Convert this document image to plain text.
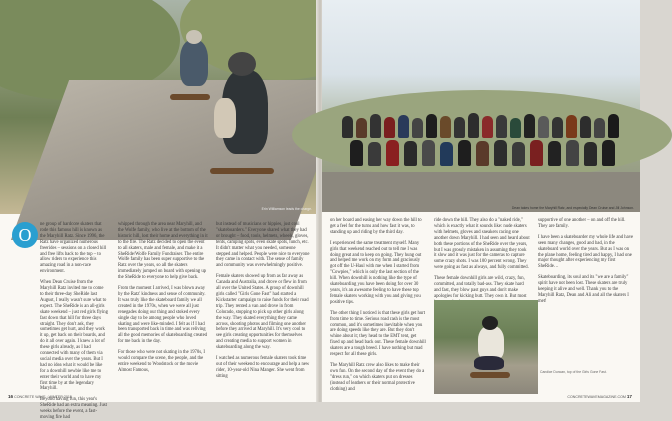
Erin Williamson leads the charge.
O

ne group of hardcore skaters that rode this famous hill is known as the Maryhill Ratz. Since 1996, the Ratz have organized numerous freerides – sessions on a closed hill and free lifts back to the top – to allow riders to experience this amazing road in a non-race environment.

When Dean Cruise from the Maryhill Ratz invited me to come to their three-day SheRide last August, I really wasn't sure what to expect. The SheRide is an all-girls skate weekend – just red girls flying fast down that hill for three days straight. They don't ask, they sometimes get hurt, and they work it up, get back on their boards, and do it all over again. I knew a lot of these girls already, as I had connected with many of them via social media over the years. But I had no idea what it would be like for a downhill newbie like me to enter their world and to have my first time by at the legendary Maryhill.

Beyond having fun, this year's SheRide had an extra meaning. Just weeks before the event, a fast-moving fire had

whipped through the area near Maryhill, and the Wolfe family, who live at the bottom of the historic hill, lost their home and everything in it to the fire. The Ratz decided to open the event to all skaters, male and female, and make it a SheRide/Wolfe Family Fundraiser. The entire Wolfe family has been super supportive to the Ratz over the years, so all the skaters immediately jumped on board with opening up the SheRide to everyone to help give back.

From the moment I arrived, I was blown away by the Ratz' kindness and sense of community. It was truly like the skateboard family we all created in the 1970s, when we were all just renegades doing our thing and stoked every single day to be among people who loved skating and were like-minded. I felt as if I had been transported back in time and was reliving all the good memories of skateboarding created for me back in the day.

For those who were not skating in the 1970s, I would compare the scene, the people, and the entire weekend to Woodstock or the movie Almost Famous,

but instead of musicians or hippies, just cool "skateboarders." Everyone shared what they had or brought – food, tools, helmets, wheels, gloves, tents, camping spots, even skate spots, lunch, etc. It didn't matter what you needed, someone stepped and helped. People were nice to everyone they came in contact with. The sense of family and community was overwhelmingly positive.

Female skaters showed up from as far away as Canada and Australia, and drove or flew in from all over the United States. A group of downhill girls called "Girls Gone Fast" had started a Kickstarter campaign to raise funds for their road trip. They rented a van and drove in from Colorado, stopping to pick up other girls along the way. They skated everything they came across, shooting photos and filming one another before they arrived at Maryhill. It's very cool to see girls creating opportunities for themselves and creating media to support women in skateboarding along the way.

I watched as numerous female skaters took time out of their weekend to encourage and help a new rider, 10-year-old Nina Manger. She went from sitting

16 CONCRETE WAVE · WINTER 2015
Dean takes home the Maryhill Ratz, and especially Dean Cruise and Jill Johnson.

on her board and easing her way down the hill to get a feel for the turns and how fast it was, to standing up and riding by the third day.

I experienced the same treatment myself. Many girls that weekend reached out to tell me I was doing great and to keep on going. They hung out and helped me work on my form and graciously got off the U-Haul with me when I started from "Cowpies," which is only the last section of the hill. When downhill is nothing like the type of skateboarding you have been doing for over 30 years, it's an awesome feeling to have these top female skaters working with you and giving you positive tips.

The other thing I noticed is that these girls get hurt from time to time. Serious road rash is the most common, and it's sometimes inevitable when you are doing speeds like they are. But they don't whine about it; they head to the EMT tent, get fixed up and head back out. These female downhill skaters are a tough breed. I have nothing but mad respect for all these girls.

The Maryhill Ratz crew also likes to make their own fun. On the second day of the event they do a "dress run," on which skaters put on dresses (instead of leathers or their normal protective clothing) and

ride down the hill. They also do a "naked ride," which is exactly what it sounds like: nude skaters with helmets, gloves and sneakers racing one another down Maryhill. I had seen and heard about both these portions of the SheRide over the years, but I was grossly mistaken in assuming they took it slow and it was just for the cameras to capture some crazy shots. I was 100 percent wrong. They were going as fast as always, and fully committed.

These female downhill girls are wild, crazy, fun, committed, and totally bad-ass. They skate hard and fast, they blow past guys and don't make apologies for kicking butt. They own it. But most

supportive of one another – on and off the hill. They are family.

I have been a skateboarder my whole life and have seen many changes, good and bad, in the skateboard world over the years. But as I was on the plane home, feeling tired and happy, I had one major thought after experiencing my first SheRide…

Skateboarding, its soul and its "we are a family" spirit have not been lost. These skaters are truly keeping it alive and well. Thank you to the Maryhill Ratz, Dean and Ali and all the skaters I met!

Candice Duncan, top of the Girls Gone Fast.
CONCRETEWAVEMAGAZINE.COM 17
